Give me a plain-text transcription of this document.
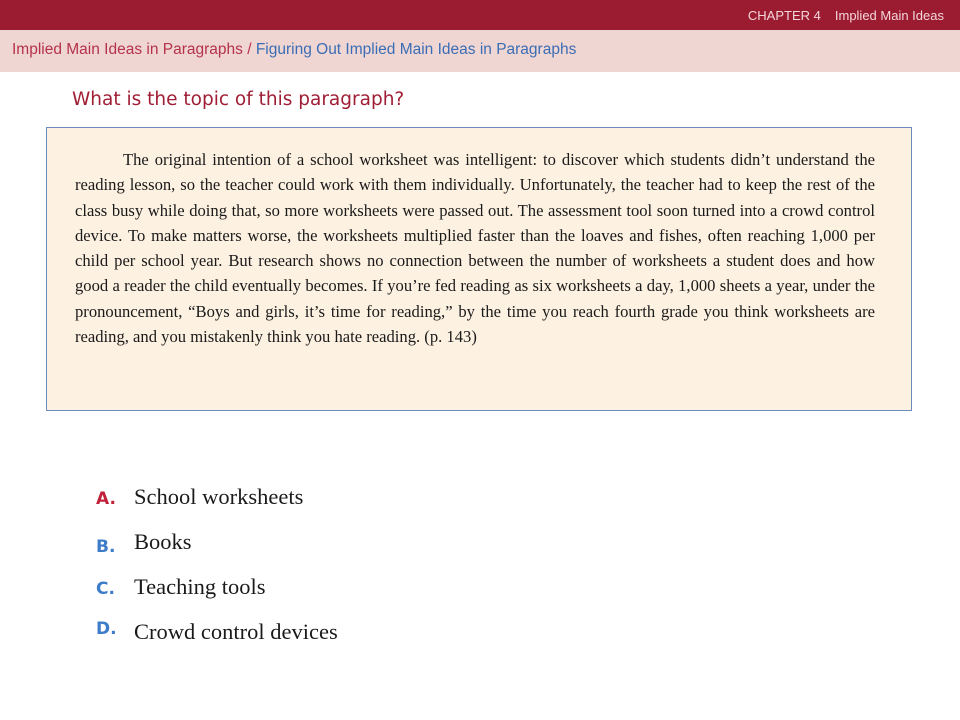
CHAPTER 4 Implied Main Ideas
Implied Main Ideas in Paragraphs / Figuring Out Implied Main Ideas in Paragraphs
What is the topic of this paragraph?

The original intention of a school worksheet was intelligent: to discover which students didn’t understand the reading lesson, so the teacher could work with them individually. Unfortunately, the teacher had to keep the rest of the class busy while doing that, so more worksheets were passed out. The assessment tool soon turned into a crowd control device. To make matters worse, the worksheets multiplied faster than the loaves and fishes, often reaching 1,000 per child per school year. But research shows no connection between the number of worksheets a student does and how good a reader the child eventually becomes. If you’re fed reading as six worksheets a day, 1,000 sheets a year, under the pronouncement, “Boys and girls, it’s time for reading,” by the time you reach fourth grade you think worksheets are reading, and you mistakenly think you hate reading. (p. 143)

A. School worksheets
B. Books
C. Teaching tools
D. Crowd control devices
